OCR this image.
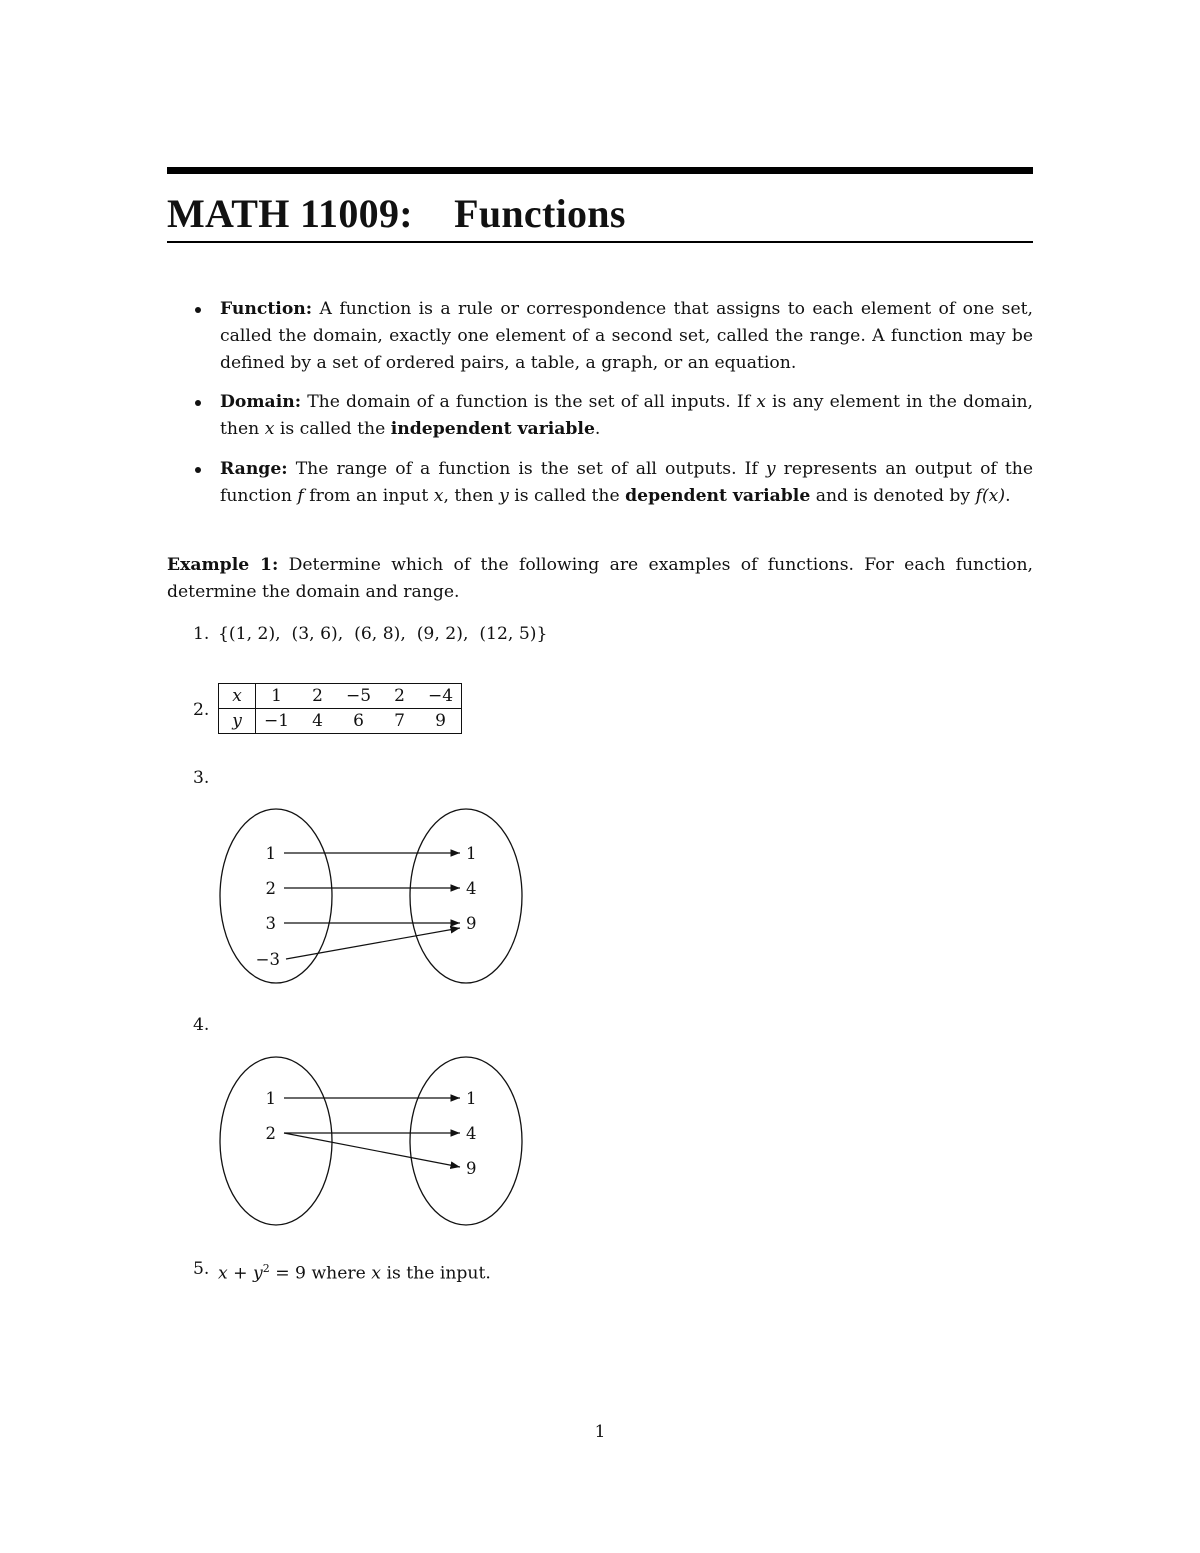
MATH 11009: Functions
Function: A function is a rule or correspondence that assigns to each element of one set, called the domain, exactly one element of a second set, called the range. A function may be defined by a set of ordered pairs, a table, a graph, or an equation.
Domain: The domain of a function is the set of all inputs. If x is any element in the domain, then x is called the independent variable.
Range: The range of a function is the set of all outputs. If y represents an output of the function f from an input x, then y is called the dependent variable and is denoted by f(x).
Example 1: Determine which of the following are examples of functions. For each function, determine the domain and range.
1. {(1, 2),  (3, 6),  (6, 8),  (9, 2),  (12, 5)}
2.
x	1	2	−5	2	−4
y	−1	4	6	7	9
3.
1
2
3
−3
1
4
9
4.
1
2
1
4
9
5. $x + y^2 = 9$ where x is the input.
1
